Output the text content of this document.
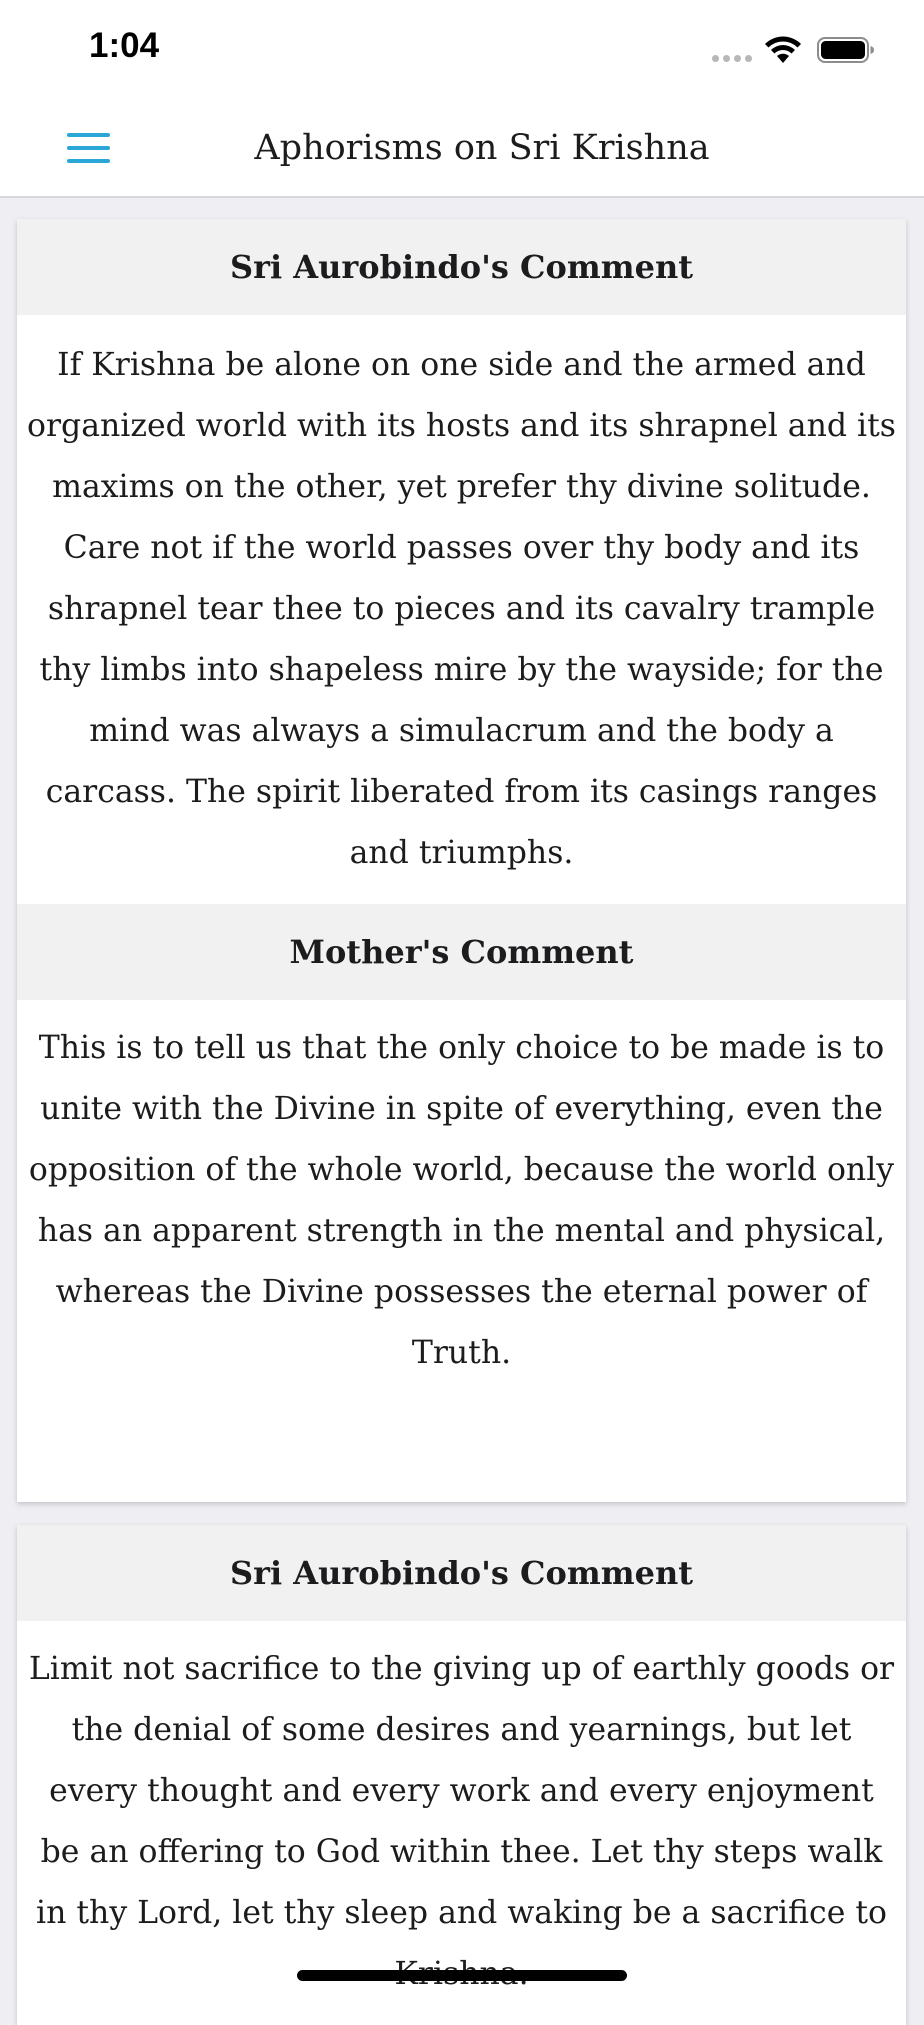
1:04
Aphorisms on Sri Krishna
Sri Aurobindo's Comment
If Krishna be alone on one side and the armed and organized world with its hosts and its shrapnel and its maxims on the other, yet prefer thy divine solitude. Care not if the world passes over thy body and its shrapnel tear thee to pieces and its cavalry trample thy limbs into shapeless mire by the wayside; for the mind was always a simulacrum and the body a carcass. The spirit liberated from its casings ranges and triumphs.
Mother's Comment
This is to tell us that the only choice to be made is to unite with the Divine in spite of everything, even the opposition of the whole world, because the world only has an apparent strength in the mental and physical, whereas the Divine possesses the eternal power of Truth.
Sri Aurobindo's Comment
Limit not sacrifice to the giving up of earthly goods or the denial of some desires and yearnings, but let every thought and every work and every enjoyment be an offering to God within thee. Let thy steps walk in thy Lord, let thy sleep and waking be a sacrifice to
